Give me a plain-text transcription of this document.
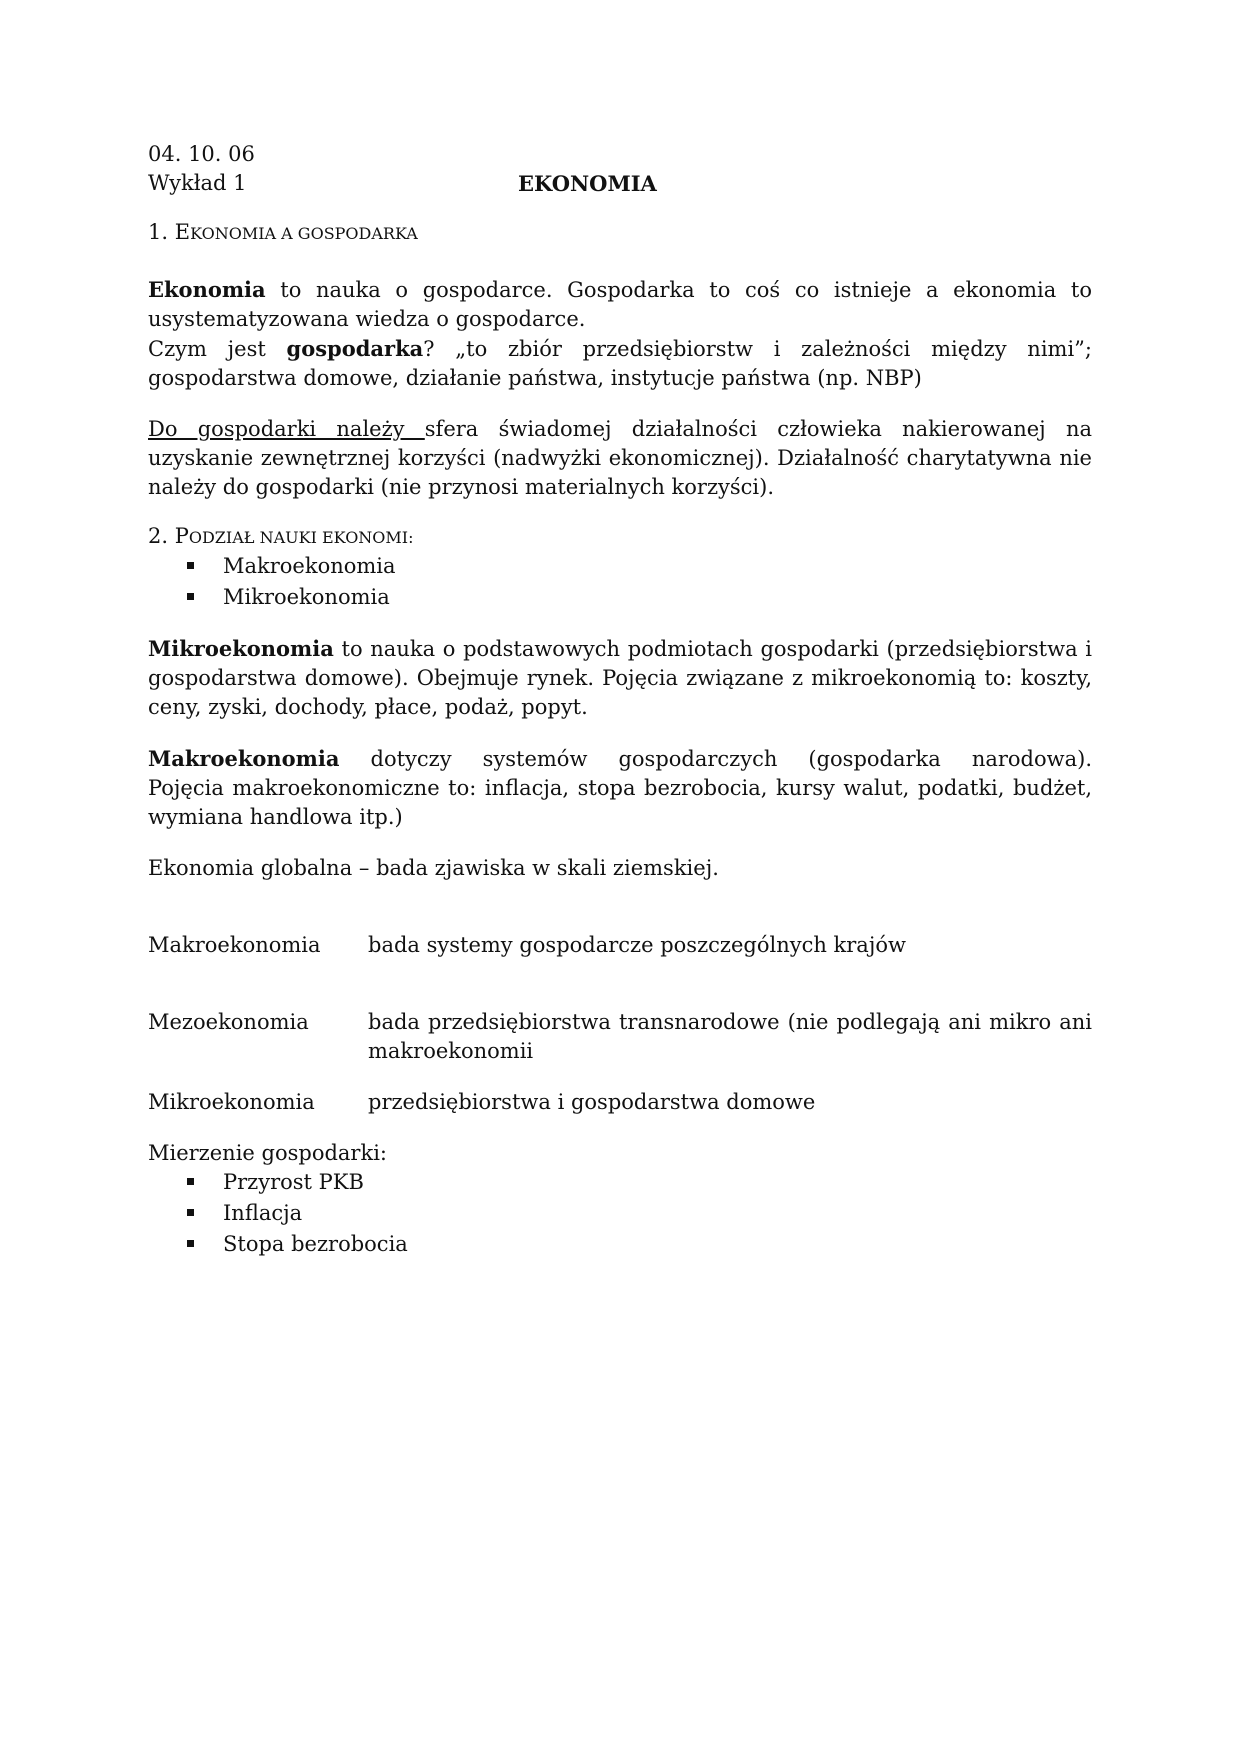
04. 10. 06
Wykład 1	EKONOMIA
1. EKONOMIA A GOSPODARKA
Ekonomia to nauka o gospodarce. Gospodarka to coś co istnieje a ekonomia to usystematyzowana wiedza o gospodarce.
Czym jest gospodarka? „to zbiór przedsiębiorstw i zależności między nimi”; gospodarstwa domowe, działanie państwa, instytucje państwa (np. NBP)
Do gospodarki należy sfera świadomej działalności człowieka nakierowanej na uzyskanie zewnętrznej korzyści (nadwyżki ekonomicznej). Działalność charytatywna nie należy do gospodarki (nie przynosi materialnych korzyści).
2. PODZIAŁ NAUKI EKONOMI:
Makroekonomia
Mikroekonomia
Mikroekonomia to nauka o podstawowych podmiotach gospodarki (przedsiębiorstwa i gospodarstwa domowe). Obejmuje rynek. Pojęcia związane z mikroekonomią to: koszty, ceny, zyski, dochody, płace, podaż, popyt.
Makroekonomia dotyczy systemów gospodarczych (gospodarka narodowa).
Pojęcia makroekonomiczne to: inflacja, stopa bezrobocia, kursy walut, podatki, budżet,
wymiana handlowa itp.)
Ekonomia globalna – bada zjawiska w skali ziemskiej.
Makroekonomia	bada systemy gospodarcze poszczególnych krajów
Mezoekonomia	bada przedsiębiorstwa transnarodowe (nie podlegają ani mikro ani makroekonomii
Mikroekonomia	przedsiębiorstwa i gospodarstwa domowe
Mierzenie gospodarki:
Przyrost PKB
Inflacja
Stopa bezrobocia
